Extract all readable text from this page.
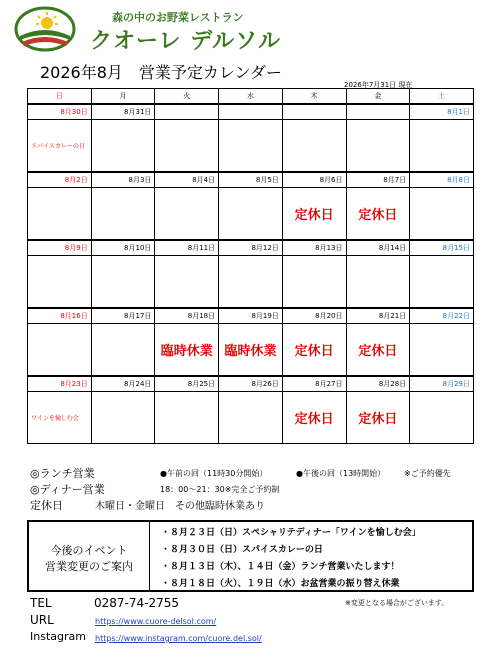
森の中のお野菜レストラン
クオーレ デルソル
2026年8月　営業予定カレンダー
2026年7月31日 現在
日	月	火	水	木	金	土
8月30日	8月31日					8月1日
スパイスカレーの日						
8月2日	8月3日	8月4日	8月5日	8月6日	8月7日	8月8日
				定休日	定休日	
8月9日	8月10日	8月11日	8月12日	8月13日	8月14日	8月15日

8月16日	8月17日	8月18日	8月19日	8月20日	8月21日	8月22日
		臨時休業	臨時休業	定休日	定休日	
8月23日	8月24日	8月25日	8月26日	8月27日	8月28日	8月29日
ワインを愉しむ会				定休日	定休日	
◎ランチ営業	●午前の回（11時30分開始）	●午後の回（13時開始） ※ご予約優先
◎ディナー営業	18：00～21：30※完全ご予約制
定休日	木曜日・金曜日　その他臨時休業あり
今後のイベント
営業変更のご案内
・８月２３日（日）スペシャリテディナー「ワインを愉しむ会」
・８月３０日（日）スパイスカレーの日
・８月１３日（木）、１４日（金）ランチ営業いたします！
・８月１８日（火）、１９日（水）お盆営業の振り替え休業
TEL	0287-74-2755	※変更となる場合がございます。
URL	https://www.cuore-delsol.com/
Instagram https://www.instagram.com/cuore.del.sol/
